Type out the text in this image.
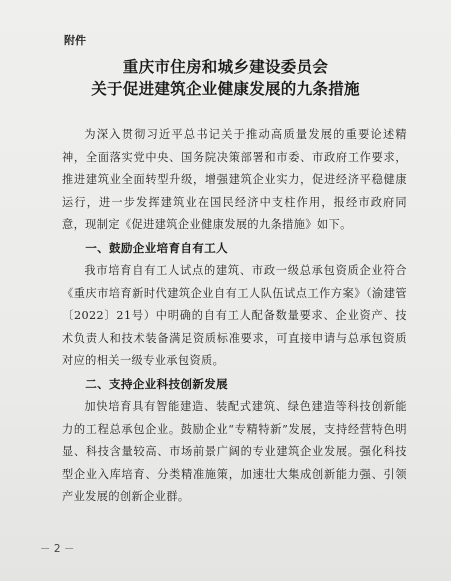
附件
重庆市住房和城乡建设委员会
关于促进建筑企业健康发展的九条措施

为深入贯彻习近平总书记关于推动高质量发展的重要论述精神，全面落实党中央、国务院决策部署和市委、市政府工作要求，推进建筑业全面转型升级，增强建筑企业实力，促进经济平稳健康运行，进一步发挥建筑业在国民经济中支柱作用，报经市政府同意，现制定《促进建筑企业健康发展的九条措施》如下。

一、鼓励企业培育自有工人

我市培育自有工人试点的建筑、市政一级总承包资质企业符合《重庆市培育新时代建筑企业自有工人队伍试点工作方案》（渝建管〔2022〕21号）中明确的自有工人配备数量要求、企业资产、技术负责人和技术装备满足资质标准要求，可直接申请与总承包资质对应的相关一级专业承包资质。

二、支持企业科技创新发展

加快培育具有智能建造、装配式建筑、绿色建造等科技创新能力的工程总承包企业。鼓励企业“专精特新”发展，支持经营特色明显、科技含量较高、市场前景广阔的专业建筑企业发展。强化科技型企业入库培育、分类精准施策，加速壮大集成创新能力强、引领产业发展的创新企业群。

－ 2 －
